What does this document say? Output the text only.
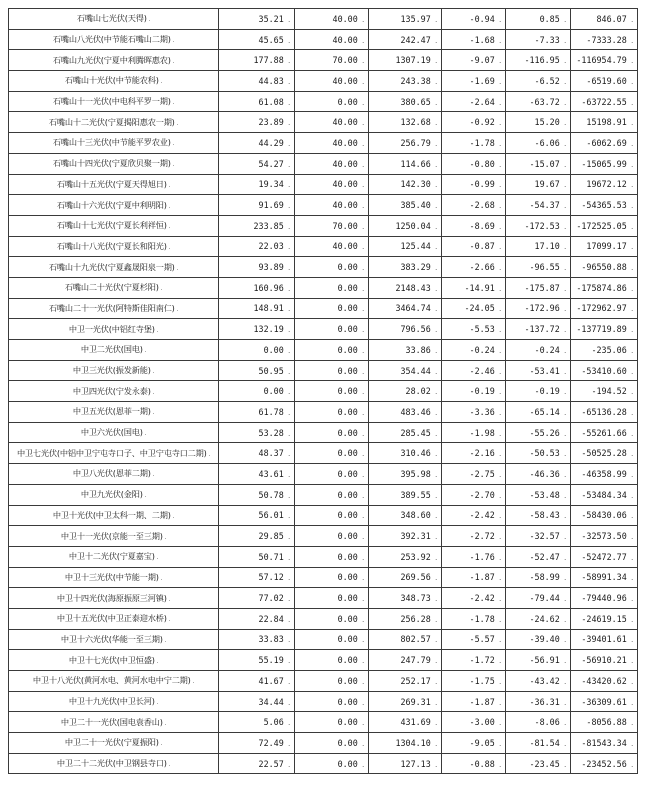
石嘴山七光伏(天得) .	35.21 .	40.00 .	135.97 .	-0.94 .	0.85 .	846.07 .
石嘴山八光伏(中节能石嘴山二期) .	45.65 .	40.00 .	242.47 .	-1.68 .	-7.33 .	-7333.28 .
石嘴山九光伏(宁夏中利腾晖惠农) .	177.88 .	70.00 .	1307.19 .	-9.07 .	-116.95 .	-116954.79 .
石嘴山十光伏(中节能农科) .	44.83 .	40.00 .	243.38 .	-1.69 .	-6.52 .	-6519.60 .
石嘴山十一光伏(中电科平罗一期) .	61.08 .	0.00 .	380.65 .	-2.64 .	-63.72 .	-63722.55 .
石嘴山十二光伏(宁夏揭阳惠农一期) .	23.89 .	40.00 .	132.68 .	-0.92 .	15.20 .	15198.91 .
石嘴山十三光伏(中节能平罗农业) .	44.29 .	40.00 .	256.79 .	-1.78 .	-6.06 .	-6062.69 .
石嘴山十四光伏(宁夏欣贝聚一期) .	54.27 .	40.00 .	114.66 .	-0.80 .	-15.07 .	-15065.99 .
石嘴山十五光伏(宁夏天得旭日) .	19.34 .	40.00 .	142.30 .	-0.99 .	19.67 .	19672.12 .
石嘴山十六光伏(宁夏中利明阳) .	91.69 .	40.00 .	385.40 .	-2.68 .	-54.37 .	-54365.53 .
石嘴山十七光伏(宁夏长利祥恒) .	233.85 .	70.00 .	1250.04 .	-8.69 .	-172.53 .	-172525.05 .
石嘴山十八光伏(宁夏长和阳光) .	22.03 .	40.00 .	125.44 .	-0.87 .	17.10 .	17099.17 .
石嘴山十九光伏(宁夏鑫晟阳泉一期) .	93.89 .	0.00 .	383.29 .	-2.66 .	-96.55 .	-96550.88 .
石嘴山二十光伏(宁夏杉阳) .	160.96 .	0.00 .	2148.43 .	-14.91 .	-175.87 .	-175874.86 .
石嘴山二十一光伏(阿特斯佳阳南仁) .	148.91 .	0.00 .	3464.74 .	-24.05 .	-172.96 .	-172962.97 .
中卫一光伏(中铝红寺堡) .	132.19 .	0.00 .	796.56 .	-5.53 .	-137.72 .	-137719.89 .
中卫二光伏(国电) .	0.00 .	0.00 .	33.86 .	-0.24 .	-0.24 .	-235.06 .
中卫三光伏(振发新能) .	50.95 .	0.00 .	354.44 .	-2.46 .	-53.41 .	-53410.60 .
中卫四光伏(宁发永泰) .	0.00 .	0.00 .	28.02 .	-0.19 .	-0.19 .	-194.52 .
中卫五光伏(恩菲一期) .	61.78 .	0.00 .	483.46 .	-3.36 .	-65.14 .	-65136.28 .
中卫六光伏(国电) .	53.28 .	0.00 .	285.45 .	-1.98 .	-55.26 .	-55261.66 .
中卫七光伏(中铝中卫宁屯寺口子、中卫宁屯寺口二期) .	48.37 .	0.00 .	310.46 .	-2.16 .	-50.53 .	-50525.28 .
中卫八光伏(恩菲二期) .	43.61 .	0.00 .	395.98 .	-2.75 .	-46.36 .	-46358.99 .
中卫九光伏(金阳) .	50.78 .	0.00 .	389.55 .	-2.70 .	-53.48 .	-53484.34 .
中卫十光伏(中卫太科一期、二期) .	56.01 .	0.00 .	348.60 .	-2.42 .	-58.43 .	-58430.06 .
中卫十一光伏(京能一至三期) .	29.85 .	0.00 .	392.31 .	-2.72 .	-32.57 .	-32573.50 .
中卫十二光伏(宁夏嘉宝) .	50.71 .	0.00 .	253.92 .	-1.76 .	-52.47 .	-52472.77 .
中卫十三光伏(中节能一期) .	57.12 .	0.00 .	269.56 .	-1.87 .	-58.99 .	-58991.34 .
中卫十四光伏(海原振原三河镇) .	77.02 .	0.00 .	348.73 .	-2.42 .	-79.44 .	-79440.96 .
中卫十五光伏(中卫正泰迎水桥) .	22.84 .	0.00 .	256.28 .	-1.78 .	-24.62 .	-24619.15 .
中卫十六光伏(华能一至三期) .	33.83 .	0.00 .	802.57 .	-5.57 .	-39.40 .	-39401.61 .
中卫十七光伏(中卫恒盛) .	55.19 .	0.00 .	247.79 .	-1.72 .	-56.91 .	-56910.21 .
中卫十八光伏(黄河水电、黄河水电中宁二期) .	41.67 .	0.00 .	252.17 .	-1.75 .	-43.42 .	-43420.62 .
中卫十九光伏(中卫长河) .	34.44 .	0.00 .	269.31 .	-1.87 .	-36.31 .	-36309.61 .
中卫二十一光伏(国电袁香山) .	5.06 .	0.00 .	431.69 .	-3.00 .	-8.06 .	-8056.88 .
中卫二十一光伏(宁夏振阳) .	72.49 .	0.00 .	1304.10 .	-9.05 .	-81.54 .	-81543.34 .
中卫二十二光伏(中卫钢县寺口) .	22.57 .	0.00 .	127.13 .	-0.88 .	-23.45 .	-23452.56 .
